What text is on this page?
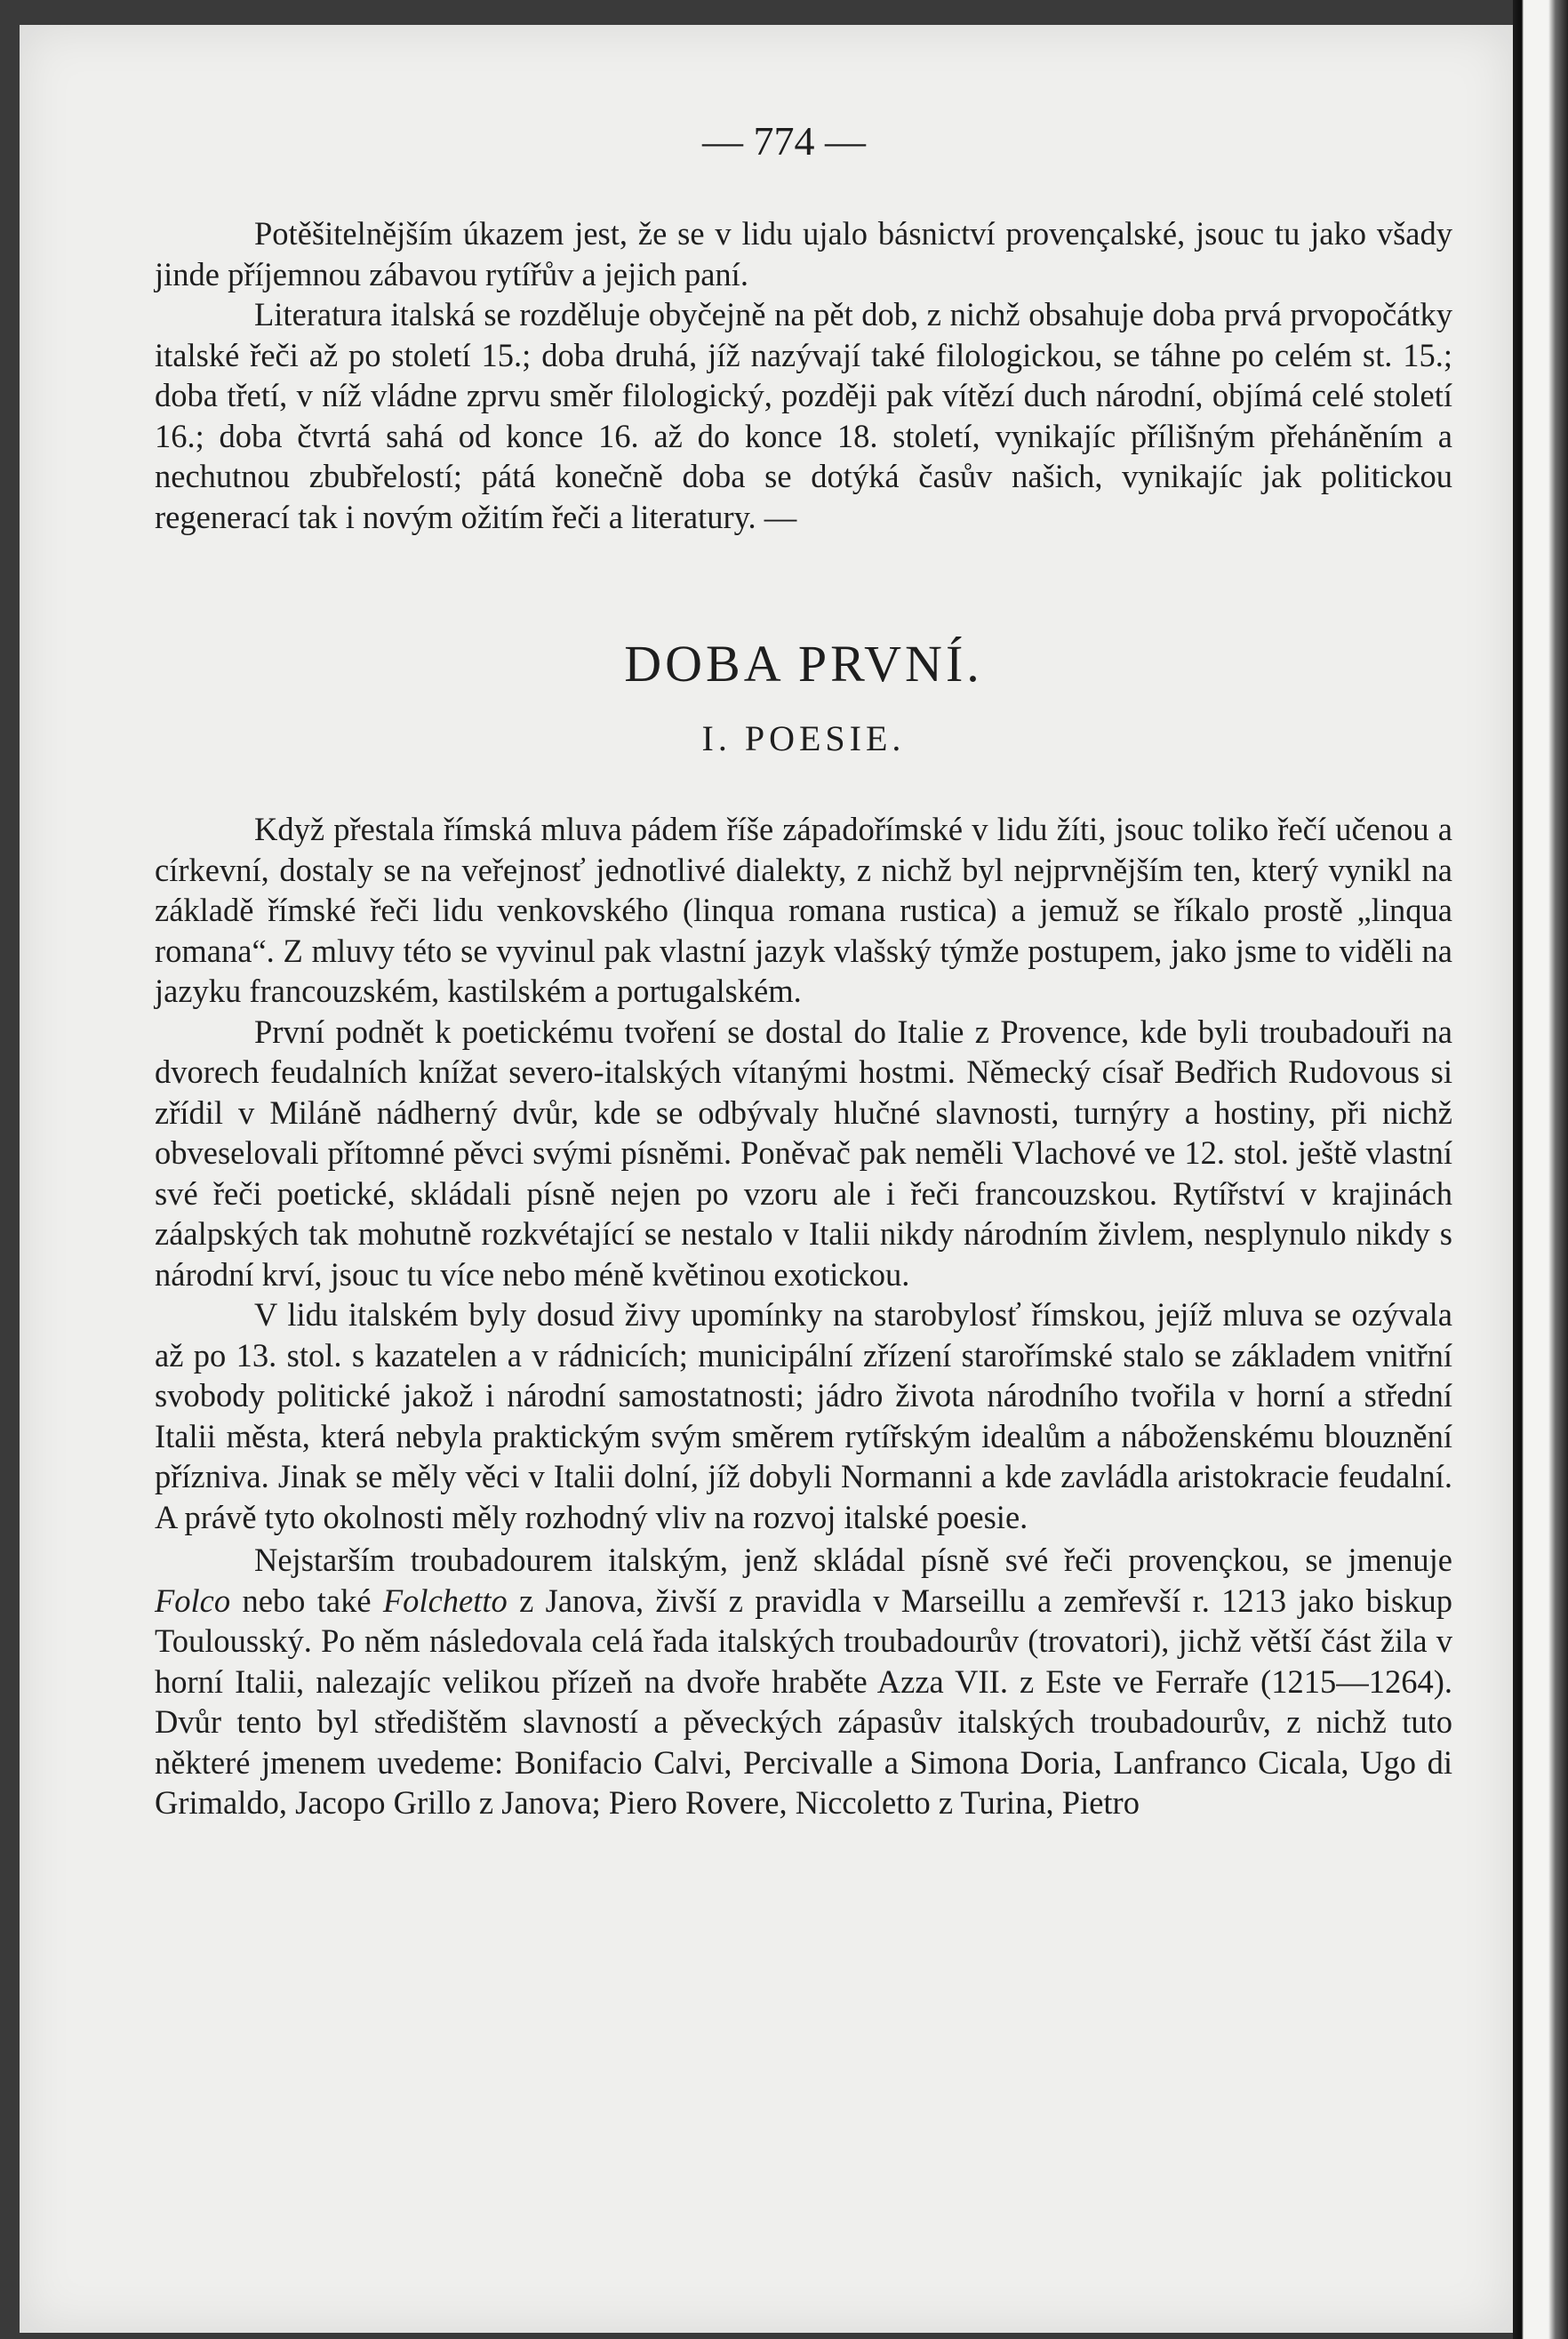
— 774 —

Potěšitelnějším úkazem jest, že se v lidu ujalo básnictví provençalské, jsouc tu jako všady jinde příjemnou zábavou rytířův a jejich paní.

Literatura italská se rozděluje obyčejně na pět dob, z nichž obsahuje doba prvá prvopočátky italské řeči až po století 15.; doba druhá, jíž nazývají také filologickou, se táhne po celém st. 15.; doba třetí, v níž vládne zprvu směr filologický, později pak vítězí duch národní, objímá celé století 16.; doba čtvrtá sahá od konce 16. až do konce 18. století, vynikajíc přílišným přeháněním a nechutnou zbubřelostí; pátá konečně doba se dotýká časův našich, vynikajíc jak politickou regenerací tak i novým ožitím řeči a literatury. —

DOBA PRVNÍ.
I. POESIE.

Když přestala římská mluva pádem říše západořímské v lidu žíti, jsouc toliko řečí učenou a církevní, dostaly se na veřejnosť jednotlivé dialekty, z nichž byl nejprvnějším ten, který vynikl na základě římské řeči lidu venkovského (linqua romana rustica) a jemuž se říkalo prostě „linqua romana“. Z mluvy této se vyvinul pak vlastní jazyk vlašský týmže postupem, jako jsme to viděli na jazyku francouzském, kastilském a portugalském.

První podnět k poetickému tvoření se dostal do Italie z Provence, kde byli troubadouři na dvorech feudalních knížat severo-italských vítanými hostmi. Německý císař Bedřich Rudovous si zřídil v Miláně nádherný dvůr, kde se odbývaly hlučné slavnosti, turnýry a hostiny, při nichž obveselovali přítomné pěvci svými písněmi. Poněvač pak neměli Vlachové ve 12. stol. ještě vlastní své řeči poetické, skládali písně nejen po vzoru ale i řeči francouzskou. Rytířství v krajinách záalpských tak mohutně rozkvétající se nestalo v Italii nikdy národním živlem, nesplynulo nikdy s národní krví, jsouc tu více nebo méně květinou exotickou.

V lidu italském byly dosud živy upomínky na starobylosť římskou, jejíž mluva se ozývala až po 13. stol. s kazatelen a v rádnicích; municipální zřízení starořímské stalo se základem vnitřní svobody politické jakož i národní samostatnosti; jádro života národního tvořila v horní a střední Italii města, která nebyla praktickým svým směrem rytířským idealům a náboženskému blouznění přízniva. Jinak se měly věci v Italii dolní, jíž dobyli Normanni a kde zavládla aristokracie feudalní. A právě tyto okolnosti měly rozhodný vliv na rozvoj italské poesie.

Nejstarším troubadourem italským, jenž skládal písně své řeči provençkou, se jmenuje Folco nebo také Folchetto z Janova, živší z pravidla v Marseillu a zemřevší r. 1213 jako biskup Toulousský. Po něm následovala celá řada italských troubadourův (trovatori), jichž větší část žila v horní Italii, nalezajíc velikou přízeň na dvoře hraběte Azza VII. z Este ve Ferraře (1215—1264). Dvůr tento byl středištěm slavností a pěveckých zápasův italských troubadourův, z nichž tuto některé jmenem uvedeme: Bonifacio Calvi, Percivalle a Simona Doria, Lanfranco Cicala, Ugo di Grimaldo, Jacopo Grillo z Janova; Piero Rovere, Niccoletto z Turina, Pietro
